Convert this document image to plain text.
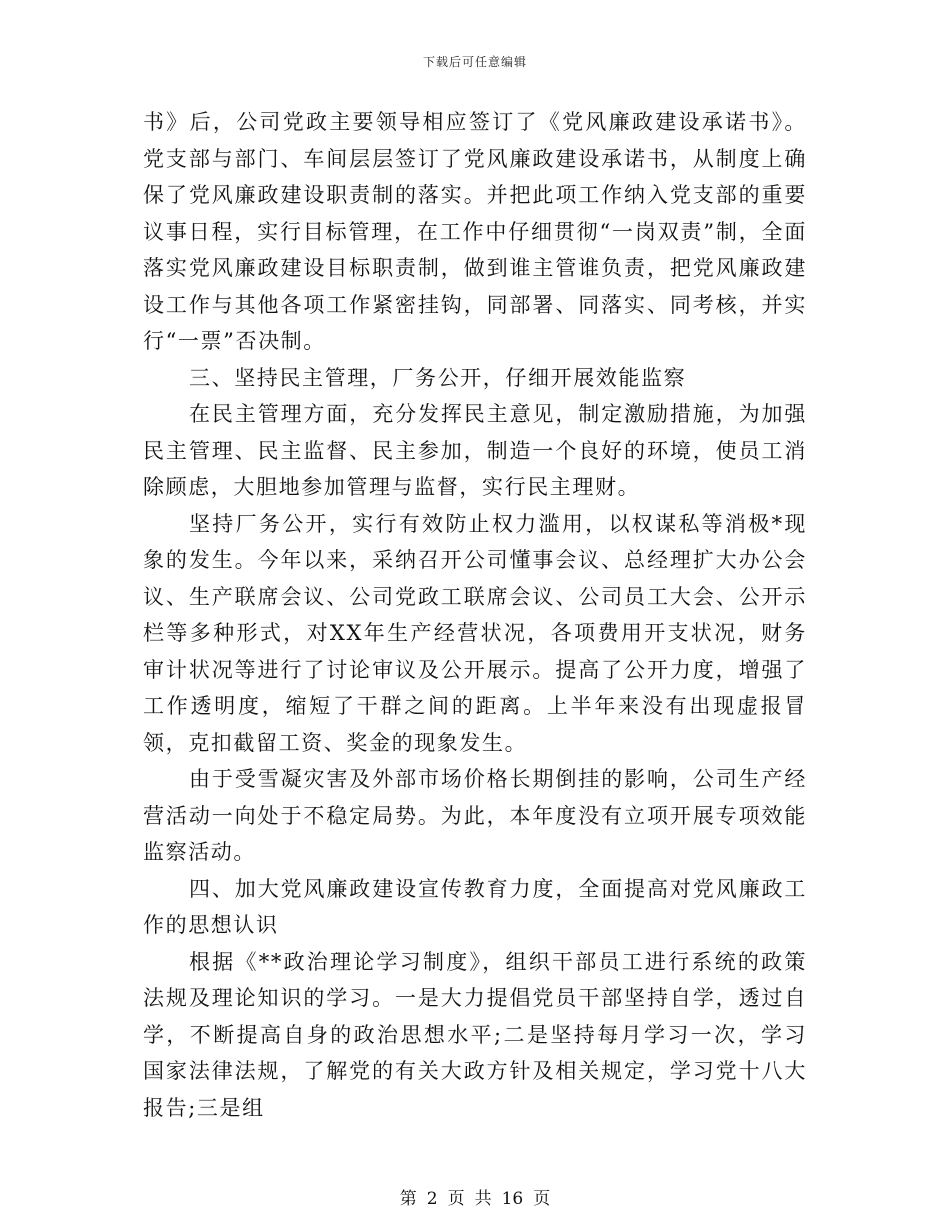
下载后可任意编辑

书》后，公司党政主要领导相应签订了《党风廉政建设承诺书》。党支部与部门、车间层层签订了党风廉政建设承诺书，从制度上确保了党风廉政建设职责制的落实。并把此项工作纳入党支部的重要议事日程，实行目标管理，在工作中仔细贯彻“一岗双责”制，全面落实党风廉政建设目标职责制，做到谁主管谁负责，把党风廉政建设工作与其他各项工作紧密挂钩，同部署、同落实、同考核，并实行“一票”否决制。

三、坚持民主管理，厂务公开，仔细开展效能监察

在民主管理方面，充分发挥民主意见，制定激励措施，为加强民主管理、民主监督、民主参加，制造一个良好的环境，使员工消除顾虑，大胆地参加管理与监督，实行民主理财。

坚持厂务公开，实行有效防止权力滥用，以权谋私等消极*现象的发生。今年以来，采纳召开公司懂事会议、总经理扩大办公会议、生产联席会议、公司党政工联席会议、公司员工大会、公开示栏等多种形式，对XX年生产经营状况，各项费用开支状况，财务审计状况等进行了讨论审议及公开展示。提高了公开力度，增强了工作透明度，缩短了干群之间的距离。上半年来没有出现虚报冒领，克扣截留工资、奖金的现象发生。

由于受雪凝灾害及外部市场价格长期倒挂的影响，公司生产经营活动一向处于不稳定局势。为此，本年度没有立项开展专项效能监察活动。

四、加大党风廉政建设宣传教育力度，全面提高对党风廉政工作的思想认识

根据《**政治理论学习制度》，组织干部员工进行系统的政策法规及理论知识的学习。一是大力提倡党员干部坚持自学，透过自学，不断提高自身的政治思想水平;二是坚持每月学习一次，学习国家法律法规，了解党的有关大政方针及相关规定，学习党十八大报告;三是组

第 2 页 共 16 页
